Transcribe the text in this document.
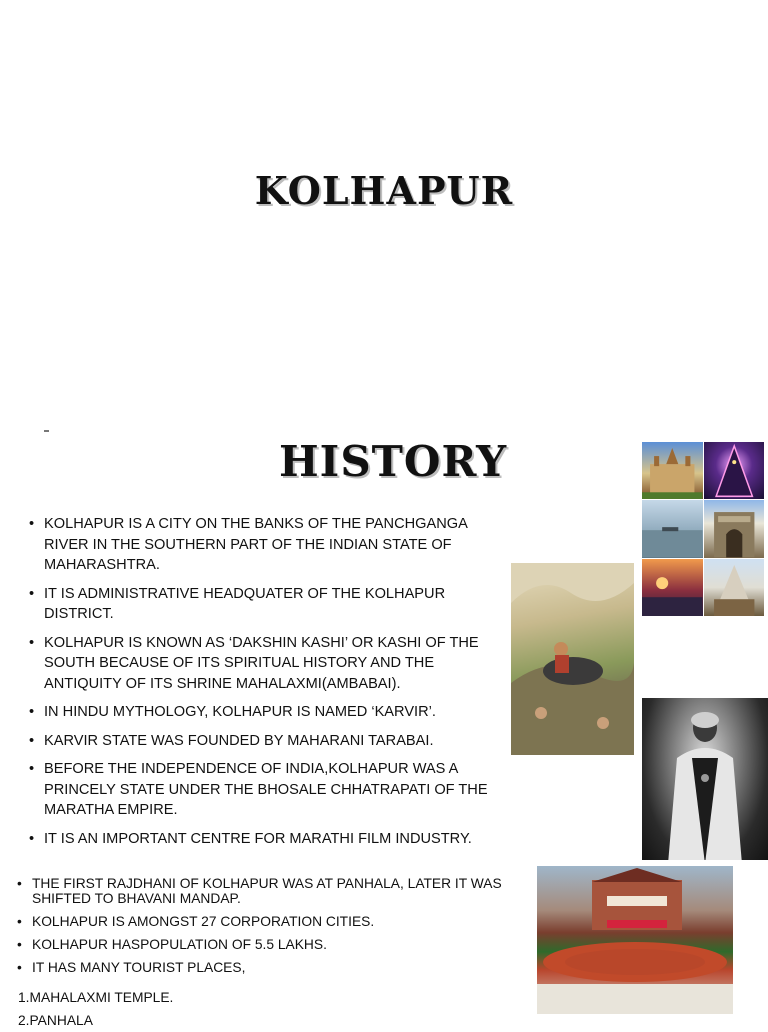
KOLHAPUR
HISTORY
• KOLHAPUR IS A CITY ON THE BANKS OF THE PANCHGANGA RIVER IN THE SOUTHERN PART OF THE INDIAN STATE OF MAHARASHTRA.
• IT IS ADMINISTRATIVE HEADQUATER OF THE KOLHAPUR DISTRICT.
• KOLHAPUR IS KNOWN AS ‘DAKSHIN KASHI’ OR KASHI OF THE SOUTH BECAUSE OF ITS SPIRITUAL HISTORY AND THE ANTIQUITY OF ITS SHRINE MAHALAXMI(AMBABAI).
• IN HINDU MYTHOLOGY, KOLHAPUR IS NAMED ‘KARVIR’.
• KARVIR STATE WAS FOUNDED BY MAHARANI TARABAI.
• BEFORE THE INDEPENDENCE OF INDIA,KOLHAPUR WAS A PRINCELY STATE UNDER THE BHOSALE CHHATRAPATI OF THE MARATHA EMPIRE.
• IT IS AN IMPORTANT CENTRE FOR MARATHI FILM INDUSTRY.
• THE FIRST RAJDHANI OF KOLHAPUR WAS AT PANHALA, LATER IT WAS SHIFTED TO BHAVANI MANDAP.
• KOLHAPUR IS AMONGST 27 CORPORATION CITIES.
• KOLHAPUR HASPOPULATION OF 5.5 LAKHS.
• IT HAS MANY TOURIST PLACES,
1.MAHALAXMI TEMPLE.
2.PANHALA
